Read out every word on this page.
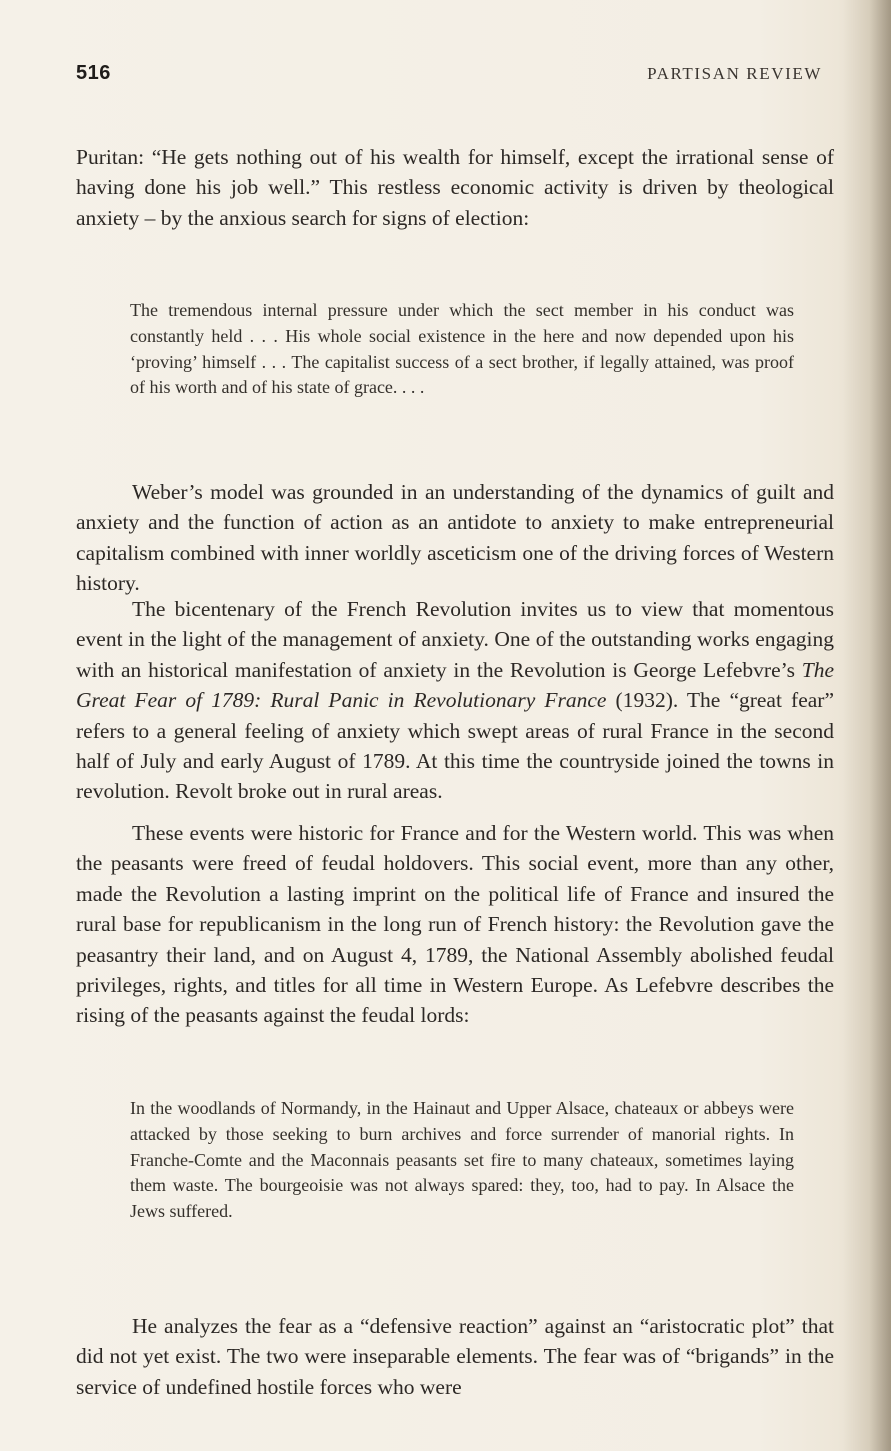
516	PARTISAN REVIEW

Puritan: “He gets nothing out of his wealth for himself, except the irrational sense of having done his job well.” This restless economic activity is driven by theological anxiety – by the anxious search for signs of election:

The tremendous internal pressure under which the sect member in his conduct was constantly held . . . His whole social existence in the here and now depended upon his ‘proving’ himself . . . The capitalist success of a sect brother, if legally attained, was proof of his worth and of his state of grace. . . .

Weber’s model was grounded in an understanding of the dynamics of guilt and anxiety and the function of action as an antidote to anxiety to make entrepreneurial capitalism combined with inner worldly asceticism one of the driving forces of Western history.

The bicentenary of the French Revolution invites us to view that momentous event in the light of the management of anxiety. One of the outstanding works engaging with an historical manifestation of anxiety in the Revolution is George Lefebvre’s The Great Fear of 1789: Rural Panic in Revolutionary France (1932). The “great fear” refers to a general feeling of anxiety which swept areas of rural France in the second half of July and early August of 1789. At this time the countryside joined the towns in revolution. Revolt broke out in rural areas.

These events were historic for France and for the Western world. This was when the peasants were freed of feudal holdovers. This social event, more than any other, made the Revolution a lasting imprint on the political life of France and insured the rural base for republicanism in the long run of French history: the Revolution gave the peasantry their land, and on August 4, 1789, the National Assembly abolished feudal privileges, rights, and titles for all time in Western Europe. As Lefebvre describes the rising of the peasants against the feudal lords:

In the woodlands of Normandy, in the Hainaut and Upper Alsace, chateaux or abbeys were attacked by those seeking to burn archives and force surrender of manorial rights. In Franche-Comte and the Maconnais peasants set fire to many chateaux, sometimes laying them waste. The bourgeoisie was not always spared: they, too, had to pay. In Alsace the Jews suffered.

He analyzes the fear as a “defensive reaction” against an “aristocratic plot” that did not yet exist. The two were inseparable elements. The fear was of “brigands” in the service of undefined hostile forces who were
